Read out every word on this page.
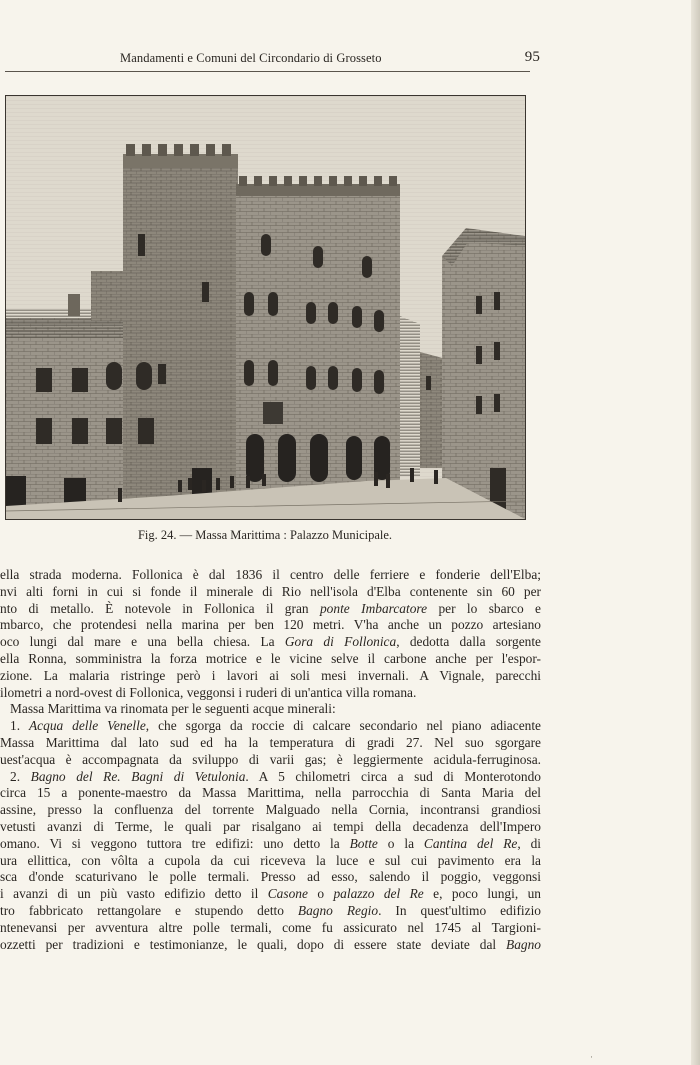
Mandamenti e Comuni del Circondario di Grosseto	95
Fig. 24. — Massa Marittima : Palazzo Municipale.
ella strada moderna. Follonica è dal 1836 il centro delle ferriere e fonderie dell'Elba;
nvi alti forni in cui si fonde il minerale di Rio nell'isola d'Elba contenente sin 60 per
nto di metallo. È notevole in Follonica il gran ponte Imbarcatore per lo sbarco e
mbarco, che protendesi nella marina per ben 120 metri. V'ha anche un pozzo artesiano
oco lungi dal mare e una bella chiesa. La Gora di Follonica, dedotta dalla sorgente
ella Ronna, somministra la forza motrice e le vicine selve il carbone anche per l'espor-
zione. La malaria ristringe però i lavori ai soli mesi invernali. A Vignale, parecchi
ilometri a nord-ovest di Follonica, veggonsi i ruderi di un'antica villa romana.
Massa Marittima va rinomata per le seguenti acque minerali:
1. Acqua delle Venelle, che sgorga da roccie di calcare secondario nel piano adiacente
Massa Marittima dal lato sud ed ha la temperatura di gradi 27. Nel suo sgorgare
uest'acqua è accompagnata da sviluppo di varii gas; è leggiermente acidula-ferruginosa.
2. Bagno del Re. Bagni di Vetulonia. A 5 chilometri circa a sud di Monterotondo
circa 15 a ponente-maestro da Massa Marittima, nella parrocchia di Santa Maria del
assine, presso la confluenza del torrente Malguado nella Cornia, incontransi grandiosi
vetusti avanzi di Terme, le quali par risalgano ai tempi della decadenza dell'Impero
omano. Vi si veggono tuttora tre edifizi: uno detto la Botte o la Cantina del Re, di
ura ellittica, con vôlta a cupola da cui riceveva la luce e sul cui pavimento era la
sca d'onde scaturivano le polle termali. Presso ad esso, salendo il poggio, veggonsi
i avanzi di un più vasto edifizio detto il Casone o palazzo del Re e, poco lungi, un
tro fabbricato rettangolare e stupendo detto Bagno Regio. In quest'ultimo edifizio
ntenevansi per avventura altre polle termali, come fu assicurato nel 1745 al Targioni-
ozzetti per tradizioni e testimonianze, le quali, dopo di essere state deviate dal Bagno
·
